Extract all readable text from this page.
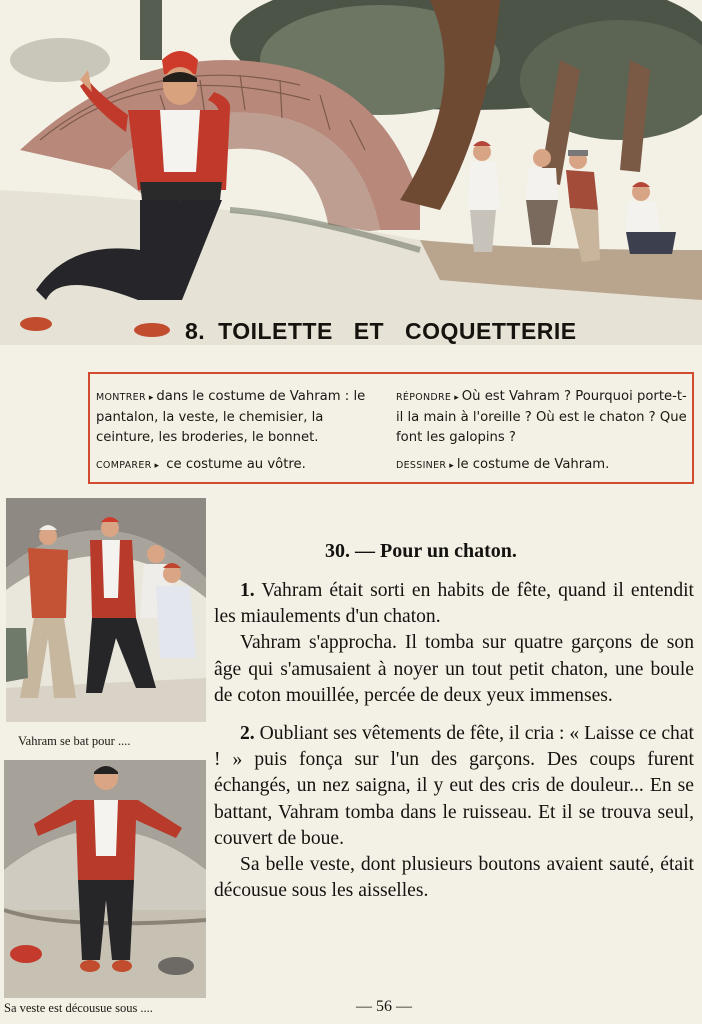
8. TOILETTE ET COQUETTERIE
MONTRER ▸ dans le costume de Vahram : le pantalon, la veste, le chemisier, la ceinture, les broderies, le bonnet.
RÉPONDRE ▸ Où est Vahram ? Pourquoi porte-t-il la main à l'oreille ? Où est le chaton ? Que font les galopins ?
COMPARER ▸ ce costume au vôtre.	DESSINER ▸ le costume de Vahram.
Vahram se bat pour ....
Sa veste est décousue sous ....
30. — Pour un chaton.

1. Vahram était sorti en habits de fête, quand il entendit les miaulements d'un chaton.

Vahram s'approcha. Il tomba sur quatre garçons de son âge qui s'amusaient à noyer un tout petit chaton, une boule de coton mouillée, percée de deux yeux immenses.

2. Oubliant ses vêtements de fête, il cria : « Laisse ce chat ! » puis fonça sur l'un des garçons. Des coups furent échangés, un nez saigna, il y eut des cris de douleur... En se battant, Vahram tomba dans le ruisseau. Et il se trouva seul, couvert de boue.

Sa belle veste, dont plusieurs boutons avaient sauté, était décousue sous les aisselles.

— 56 —
